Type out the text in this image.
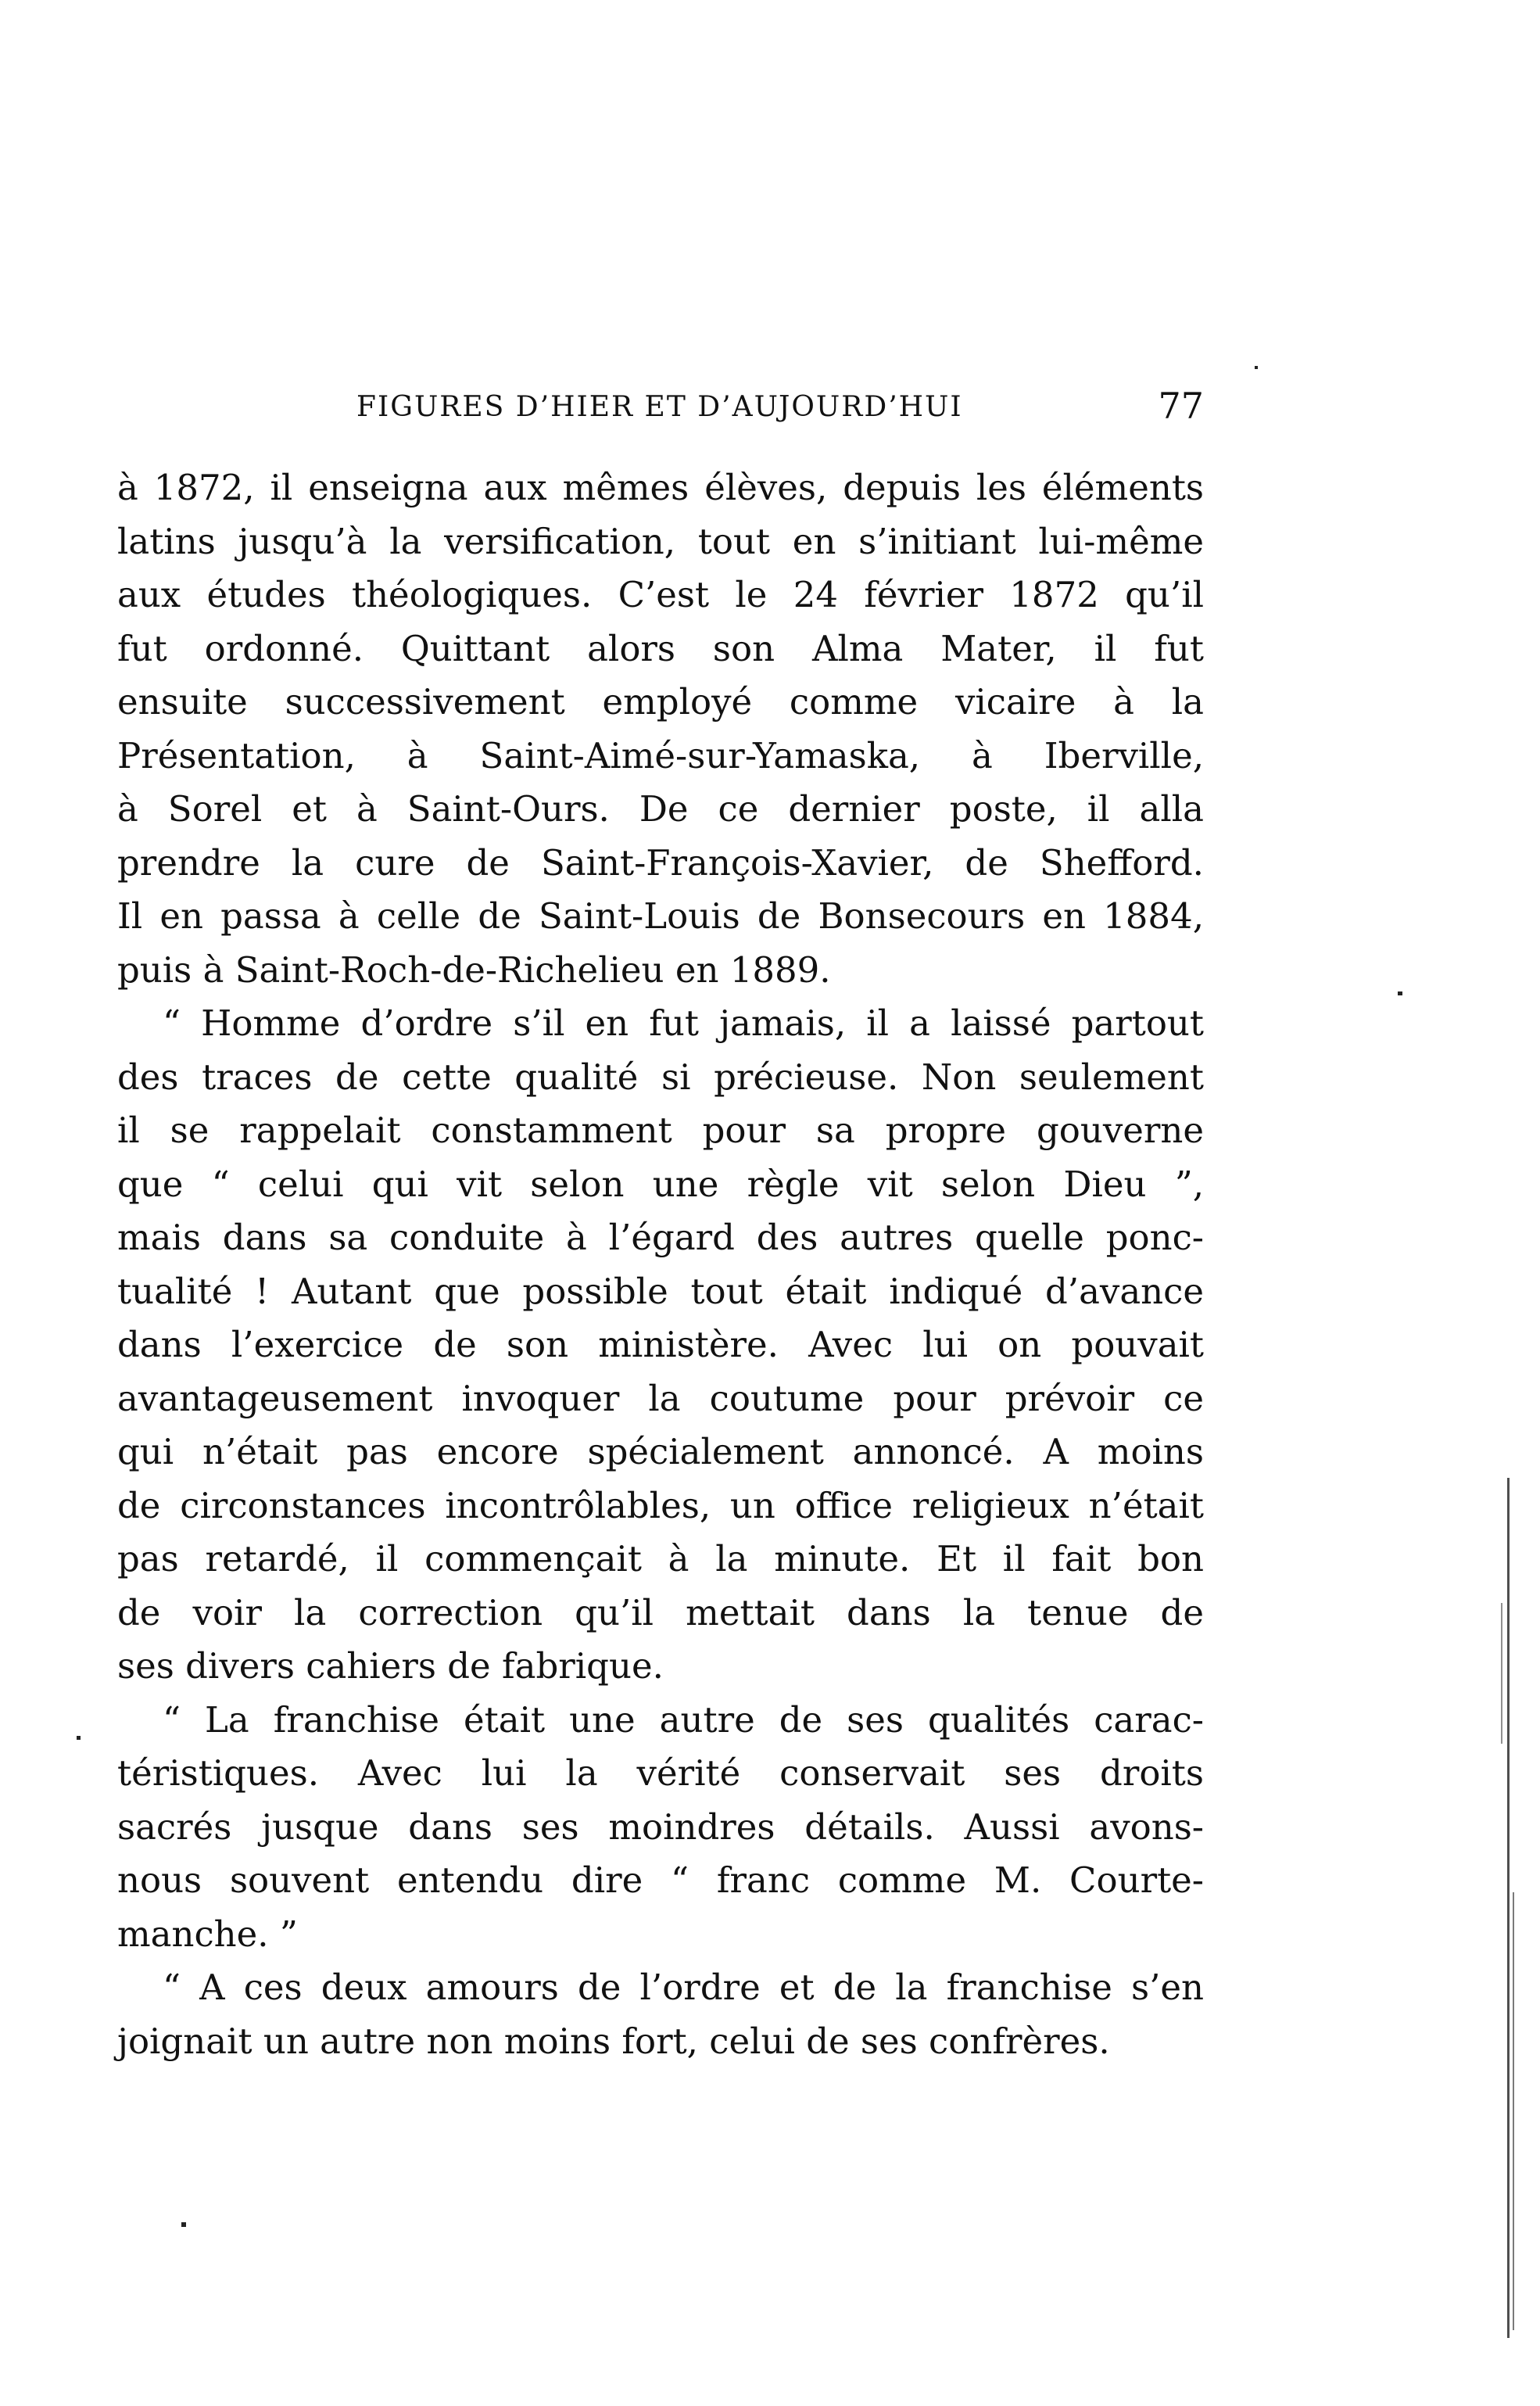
FIGURES D’HIER ET D’AUJOURD’HUI	77
à 1872, il enseigna aux mêmes élèves, depuis les éléments
latins jusqu’à la versification, tout en s’initiant lui-même
aux études théologiques. C’est le 24 février 1872 qu’il
fut ordonné. Quittant alors son Alma Mater, il fut
ensuite successivement employé comme vicaire à la
Présentation, à Saint-Aimé-sur-Yamaska, à Iberville,
à Sorel et à Saint-Ours. De ce dernier poste, il alla
prendre la cure de Saint-François-Xavier, de Shefford.
Il en passa à celle de Saint-Louis de Bonsecours en 1884,
puis à Saint-Roch-de-Richelieu en 1889.
“ Homme d’ordre s’il en fut jamais, il a laissé partout
des traces de cette qualité si précieuse. Non seulement
il se rappelait constamment pour sa propre gouverne
que “ celui qui vit selon une règle vit selon Dieu ”,
mais dans sa conduite à l’égard des autres quelle ponc-
tualité ! Autant que possible tout était indiqué d’avance
dans l’exercice de son ministère. Avec lui on pouvait
avantageusement invoquer la coutume pour prévoir ce
qui n’était pas encore spécialement annoncé. A moins
de circonstances incontrôlables, un office religieux n’était
pas retardé, il commençait à la minute. Et il fait bon
de voir la correction qu’il mettait dans la tenue de
ses divers cahiers de fabrique.
“ La franchise était une autre de ses qualités carac-
téristiques. Avec lui la vérité conservait ses droits
sacrés jusque dans ses moindres détails. Aussi avons-
nous souvent entendu dire “ franc comme M. Courte-
manche. ”
“ A ces deux amours de l’ordre et de la franchise s’en
joignait un autre non moins fort, celui de ses confrères.
